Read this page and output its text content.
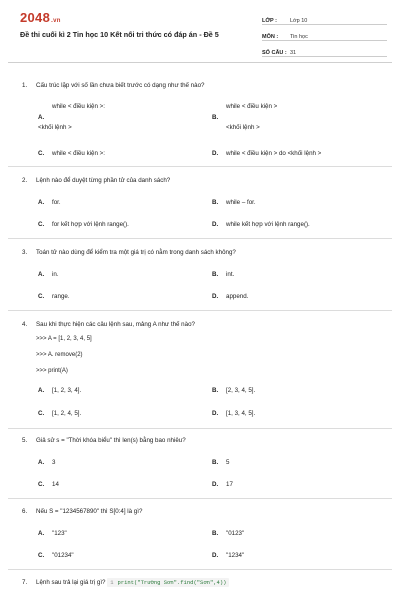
2048.vn
Đề thi cuối kì 2 Tin học 10 Kết nối tri thức có đáp án - Đề 5
LỚP :	Lớp 10
MÔN :	Tin học
SỐ CÂU : 31
1. Cấu trúc lặp với số lần chưa biết trước có dạng như thế nào?
while < điều kiện >:
A.
<khối lệnh >
while < điều kiện >
B.
<khối lệnh >
C. while < điều kiện >:	D. while < điều kiện > do <khối lệnh >
2. Lệnh nào để duyệt từng phần tử của danh sách?
A. for.	B. while – for.
C. for kết hợp với lệnh range().	D. while kết hợp với lệnh range().
3. Toán tử nào dùng để kiểm tra một giá trị có nằm trong danh sách không?
A. in.	B. int.
C. range.	D. append.
4. Sau khi thực hiện các câu lệnh sau, mảng A như thế nào?
>>> A = [1, 2, 3, 4, 5]
>>> A. remove(2)
>>> print(A)
A. [1, 2, 3, 4].	B. [2, 3, 4, 5].
C. [1, 2, 4, 5].	D. [1, 3, 4, 5].
5. Giả sử s = "Thời khóa biểu" thì len(s) bằng bao nhiêu?
A. 3	B. 5
C. 14	D. 17
6. Nếu S = "1234567890" thì S[0:4] là gì?
A. "123"	B. "0123"
C. "01234"	D. "1234"
7. Lệnh sau trả lại giá trị gì? 1 print("Trường Sơn".find("Sơn",4))
